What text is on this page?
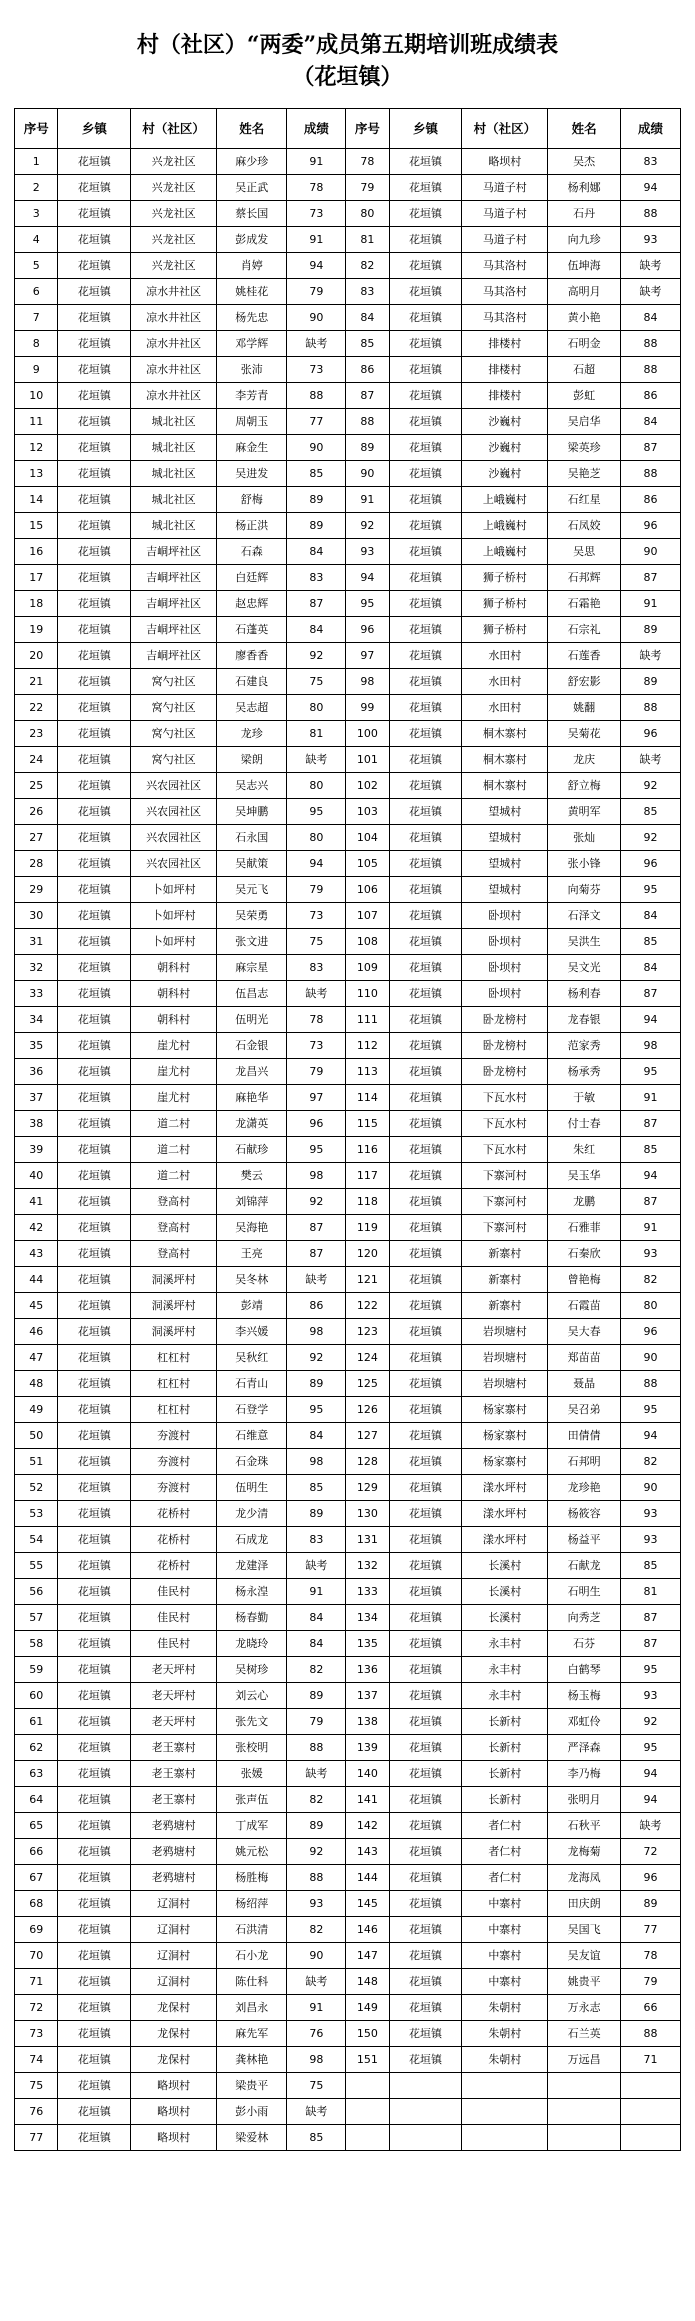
村（社区）“两委”成员第五期培训班成绩表
（花垣镇）
序号	乡镇	村（社区）	姓名	成绩	序号	乡镇	村（社区）	姓名	成绩
1	花垣镇	兴龙社区	麻少珍	91	78	花垣镇	略坝村	吴杰	83
2	花垣镇	兴龙社区	吴正武	78	79	花垣镇	马道子村	杨利娜	94
3	花垣镇	兴龙社区	蔡长国	73	80	花垣镇	马道子村	石丹	88
4	花垣镇	兴龙社区	彭成发	91	81	花垣镇	马道子村	向九珍	93
5	花垣镇	兴龙社区	肖婷	94	82	花垣镇	马其洛村	伍坤海	缺考
6	花垣镇	凉水井社区	姚桂花	79	83	花垣镇	马其洛村	高明月	缺考
7	花垣镇	凉水井社区	杨先忠	90	84	花垣镇	马其洛村	黄小艳	84
8	花垣镇	凉水井社区	邓学辉	缺考	85	花垣镇	排楼村	石明金	88
9	花垣镇	凉水井社区	张沛	73	86	花垣镇	排楼村	石超	88
10	花垣镇	凉水井社区	李芳青	88	87	花垣镇	排楼村	彭虹	86
11	花垣镇	城北社区	周朝玉	77	88	花垣镇	沙巍村	吴启华	84
12	花垣镇	城北社区	麻金生	90	89	花垣镇	沙巍村	梁英珍	87
13	花垣镇	城北社区	吴进发	85	90	花垣镇	沙巍村	吴艳芝	88
14	花垣镇	城北社区	舒梅	89	91	花垣镇	上峨巍村	石红星	86
15	花垣镇	城北社区	杨正洪	89	92	花垣镇	上峨巍村	石凤姣	96
16	花垣镇	吉峒坪社区	石森	84	93	花垣镇	上峨巍村	吴思	90
17	花垣镇	吉峒坪社区	白廷辉	83	94	花垣镇	狮子桥村	石邦辉	87
18	花垣镇	吉峒坪社区	赵忠辉	87	95	花垣镇	狮子桥村	石霜艳	91
19	花垣镇	吉峒坪社区	石蓬英	84	96	花垣镇	狮子桥村	石宗礼	89
20	花垣镇	吉峒坪社区	廖香香	92	97	花垣镇	水田村	石莲香	缺考
21	花垣镇	窝勺社区	石建良	75	98	花垣镇	水田村	舒宏影	89
22	花垣镇	窝勺社区	吴志超	80	99	花垣镇	水田村	姚翻	88
23	花垣镇	窝勺社区	龙珍	81	100	花垣镇	桐木寨村	吴菊花	96
24	花垣镇	窝勺社区	梁朗	缺考	101	花垣镇	桐木寨村	龙庆	缺考
25	花垣镇	兴农园社区	吴志兴	80	102	花垣镇	桐木寨村	舒立梅	92
26	花垣镇	兴农园社区	吴坤鹏	95	103	花垣镇	望城村	黄明军	85
27	花垣镇	兴农园社区	石永国	80	104	花垣镇	望城村	张灿	92
28	花垣镇	兴农园社区	吴献策	94	105	花垣镇	望城村	张小锋	96
29	花垣镇	卜如坪村	吴元飞	79	106	花垣镇	望城村	向菊芬	95
30	花垣镇	卜如坪村	吴荣勇	73	107	花垣镇	卧坝村	石泽文	84
31	花垣镇	卜如坪村	张文进	75	108	花垣镇	卧坝村	吴洪生	85
32	花垣镇	朝科村	麻宗星	83	109	花垣镇	卧坝村	吴文光	84
33	花垣镇	朝科村	伍昌志	缺考	110	花垣镇	卧坝村	杨利春	87
34	花垣镇	朝科村	伍明光	78	111	花垣镇	卧龙榜村	龙春银	94
35	花垣镇	崖尤村	石金银	73	112	花垣镇	卧龙榜村	范家秀	98
36	花垣镇	崖尤村	龙昌兴	79	113	花垣镇	卧龙榜村	杨承秀	95
37	花垣镇	崖尤村	麻艳华	97	114	花垣镇	下瓦水村	于敏	91
38	花垣镇	道二村	龙潇英	96	115	花垣镇	下瓦水村	付士春	87
39	花垣镇	道二村	石献珍	95	116	花垣镇	下瓦水村	朱红	85
40	花垣镇	道二村	樊云	98	117	花垣镇	下寨河村	吴玉华	94
41	花垣镇	登高村	刘锦萍	92	118	花垣镇	下寨河村	龙鹏	87
42	花垣镇	登高村	吴海艳	87	119	花垣镇	下寨河村	石雅菲	91
43	花垣镇	登高村	王亮	87	120	花垣镇	新寨村	石秦欣	93
44	花垣镇	洞溪坪村	吴冬林	缺考	121	花垣镇	新寨村	曾艳梅	82
45	花垣镇	洞溪坪村	彭靖	86	122	花垣镇	新寨村	石霞苗	80
46	花垣镇	洞溪坪村	李兴媛	98	123	花垣镇	岩坝塘村	吴大春	96
47	花垣镇	杠杠村	吴秋红	92	124	花垣镇	岩坝塘村	郑苗苗	90
48	花垣镇	杠杠村	石青山	89	125	花垣镇	岩坝塘村	聂晶	88
49	花垣镇	杠杠村	石登学	95	126	花垣镇	杨家寨村	吴召弟	95
50	花垣镇	夯渡村	石维意	84	127	花垣镇	杨家寨村	田倩倩	94
51	花垣镇	夯渡村	石金珠	98	128	花垣镇	杨家寨村	石邦明	82
52	花垣镇	夯渡村	伍明生	85	129	花垣镇	漾水坪村	龙珍艳	90
53	花垣镇	花桥村	龙少清	89	130	花垣镇	漾水坪村	杨筱容	93
54	花垣镇	花桥村	石成龙	83	131	花垣镇	漾水坪村	杨益平	93
55	花垣镇	花桥村	龙建泽	缺考	132	花垣镇	长溪村	石献龙	85
56	花垣镇	佳民村	杨永湟	91	133	花垣镇	长溪村	石明生	81
57	花垣镇	佳民村	杨春勤	84	134	花垣镇	长溪村	向秀芝	87
58	花垣镇	佳民村	龙晓玲	84	135	花垣镇	永丰村	石芬	87
59	花垣镇	老天坪村	吴树珍	82	136	花垣镇	永丰村	白鹤琴	95
60	花垣镇	老天坪村	刘云心	89	137	花垣镇	永丰村	杨玉梅	93
61	花垣镇	老天坪村	张先文	79	138	花垣镇	长新村	邓虹伶	92
62	花垣镇	老王寨村	张校明	88	139	花垣镇	长新村	严泽森	95
63	花垣镇	老王寨村	张媛	缺考	140	花垣镇	长新村	李乃梅	94
64	花垣镇	老王寨村	张声伍	82	141	花垣镇	长新村	张明月	94
65	花垣镇	老鸦塘村	丁成军	89	142	花垣镇	者仁村	石秋平	缺考
66	花垣镇	老鸦塘村	姚元松	92	143	花垣镇	者仁村	龙梅菊	72
67	花垣镇	老鸦塘村	杨胜梅	88	144	花垣镇	者仁村	龙海凤	96
68	花垣镇	辽洞村	杨绍萍	93	145	花垣镇	中寨村	田庆朗	89
69	花垣镇	辽洞村	石洪清	82	146	花垣镇	中寨村	吴国飞	77
70	花垣镇	辽洞村	石小龙	90	147	花垣镇	中寨村	吴友谊	78
71	花垣镇	辽洞村	陈仕科	缺考	148	花垣镇	中寨村	姚贵平	79
72	花垣镇	龙保村	刘昌永	91	149	花垣镇	朱朝村	万永志	66
73	花垣镇	龙保村	麻先军	76	150	花垣镇	朱朝村	石兰英	88
74	花垣镇	龙保村	龚林艳	98	151	花垣镇	朱朝村	万远昌	71
75	花垣镇	略坝村	梁贵平	75					
76	花垣镇	略坝村	彭小雨	缺考					
77	花垣镇	略坝村	梁爱林	85					
